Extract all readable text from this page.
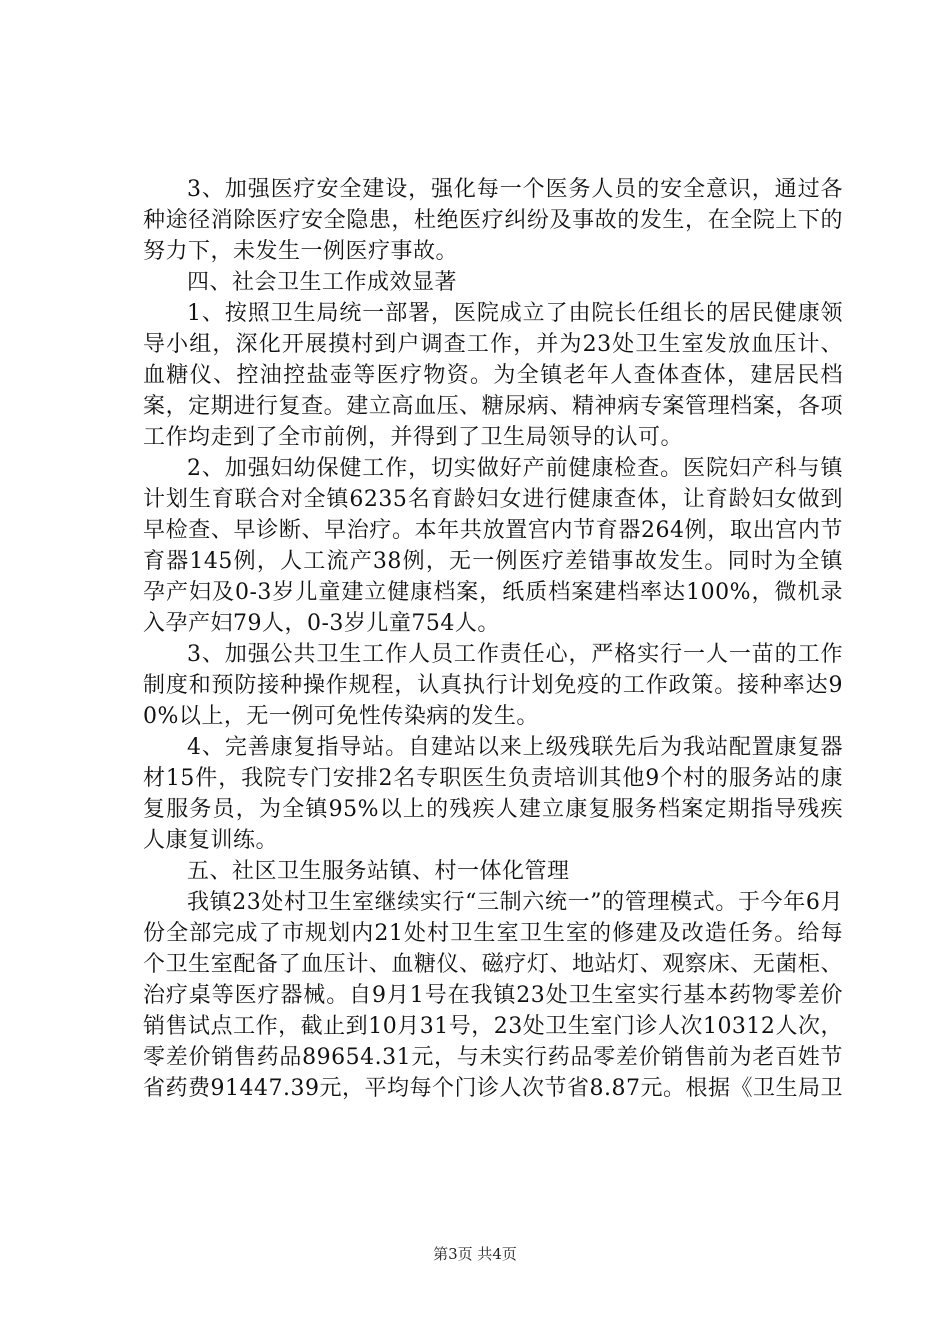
3、加强医疗安全建设，强化每一个医务人员的安全意识，通过各种途径消除医疗安全隐患，杜绝医疗纠纷及事故的发生，在全院上下的努力下，未发生一例医疗事故。

四、社会卫生工作成效显著

1、按照卫生局统一部署，医院成立了由院长任组长的居民健康领导小组，深化开展摸村到户调查工作，并为23处卫生室发放血压计、血糖仪、控油控盐壶等医疗物资。为全镇老年人查体查体，建居民档案，定期进行复查。建立高血压、糖尿病、精神病专案管理档案，各项工作均走到了全市前例，并得到了卫生局领导的认可。

2、加强妇幼保健工作，切实做好产前健康检查。医院妇产科与镇计划生育联合对全镇6235名育龄妇女进行健康查体，让育龄妇女做到早检查、早诊断、早治疗。本年共放置宫内节育器264例，取出宫内节育器145例，人工流产38例，无一例医疗差错事故发生。同时为全镇孕产妇及0-3岁儿童建立健康档案，纸质档案建档率达100%，微机录入孕产妇79人，0-3岁儿童754人。

3、加强公共卫生工作人员工作责任心，严格实行一人一苗的工作制度和预防接种操作规程，认真执行计划免疫的工作政策。接种率达90%以上，无一例可免性传染病的发生。

4、完善康复指导站。自建站以来上级残联先后为我站配置康复器材15件，我院专门安排2名专职医生负责培训其他9个村的服务站的康复服务员，为全镇95%以上的残疾人建立康复服务档案定期指导残疾人康复训练。

五、社区卫生服务站镇、村一体化管理

我镇23处村卫生室继续实行“三制六统一”的管理模式。于今年6月份全部完成了市规划内21处村卫生室卫生室的修建及改造任务。给每个卫生室配备了血压计、血糖仪、磁疗灯、地站灯、观察床、无菌柜、治疗桌等医疗器械。自9月1号在我镇23处卫生室实行基本药物零差价销售试点工作，截止到10月31号，23处卫生室门诊人次10312人次，零差价销售药品89654.31元，与未实行药品零差价销售前为老百姓节省药费91447.39元，平均每个门诊人次节省8.87元。根据《卫生局卫

第3页 共4页
